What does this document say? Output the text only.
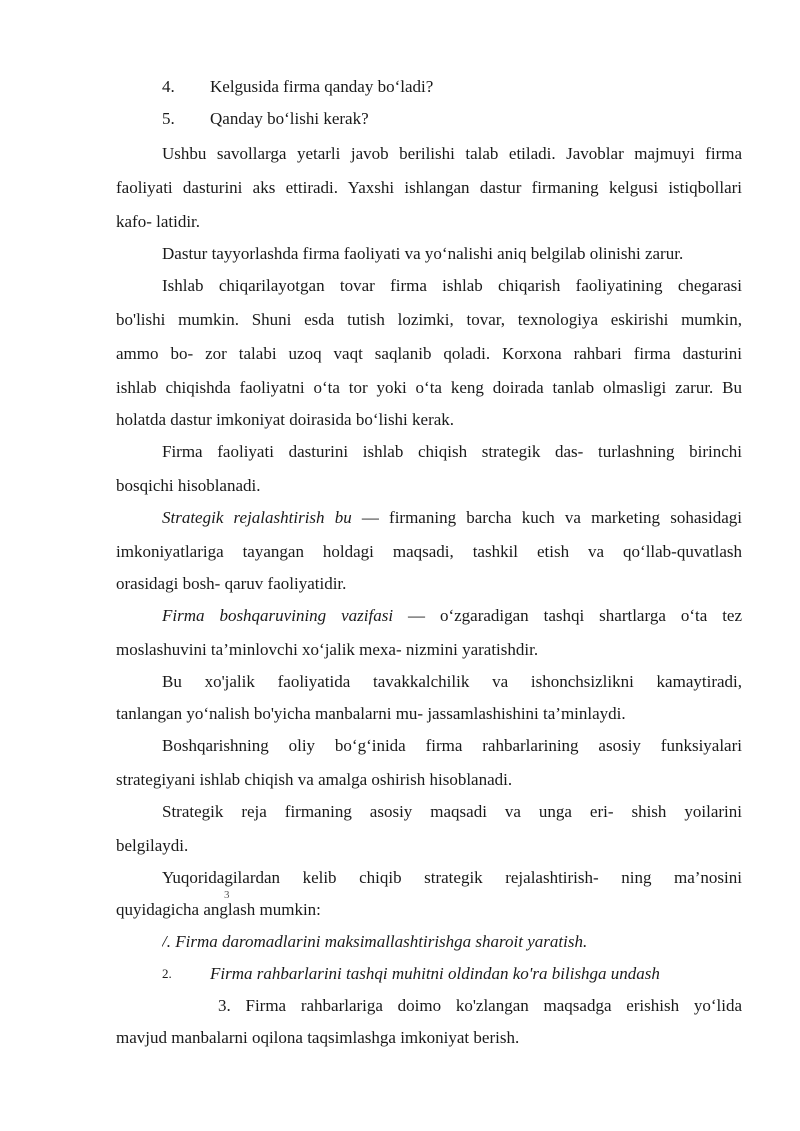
4. Kelgusida firma qanday bo‘ladi?
5. Qanday bo‘lishi kerak?
Ushbu savollarga yetarli javob berilishi talab etiladi. Javoblar majmuyi firma
faoliyati dasturini aks ettiradi. Yaxshi ishlangan dastur firmaning kelgusi istiqbollari
kafo- latidir.
Dastur tayyorlashda firma faoliyati va yo‘nalishi aniq belgilab olinishi zarur.
Ishlab chiqarilayotgan tovar firma ishlab chiqarish faoliyatining chegarasi
bo'lishi mumkin. Shuni esda tutish lozimki, tovar, texnologiya eskirishi mumkin,
ammo bo- zor talabi uzoq vaqt saqlanib qoladi. Korxona rahbari firma dasturini
ishlab chiqishda faoliyatni o‘ta tor yoki o‘ta keng doirada tanlab olmasligi zarur. Bu
holatda dastur imkoniyat doirasida bo‘lishi kerak.
Firma faoliyati dasturini ishlab chiqish strategik das- turlashning birinchi
bosqichi hisoblanadi.
Strategik rejalashtirish bu — firmaning barcha kuch va marketing sohasidagi
imkoniyatlariga tayangan holdagi maqsadi, tashkil etish va qo‘llab-quvatlash
orasidagi bosh- qaruv faoliyatidir.
Firma boshqaruvining vazifasi — o‘zgaradigan tashqi shartlarga o‘ta tez
moslashuvini ta’minlovchi xo‘jalik mexa- nizmini yaratishdir.
Bu xo'jalik faoliyatida tavakkalchilik va ishonchsizlikni kamaytiradi,
tanlangan yo‘nalish bo'yicha manbalarni mu- jassamlashishini ta’minlaydi.
Boshqarishning oliy bo‘g‘inida firma rahbarlarining asosiy funksiyalari
strategiyani ishlab chiqish va amalga oshirish hisoblanadi.
Strategik reja firmaning asosiy maqsadi va unga eri- shish yoilarini
belgilaydi.
Yuqoridagilardan kelib chiqib strategik rejalashtirish- ning ma’nosini
quyidagicha anglash mumkin:
3
/. Firma daromadlarini maksimallashtirishga sharoit yaratish.
2. Firma rahbarlarini tashqi muhitni oldindan ko'ra bilishga undash
3. Firma rahbarlariga doimo ko'zlangan maqsadga erishish yo‘lida
mavjud manbalarni oqilona taqsimlashga imkoniyat berish.
